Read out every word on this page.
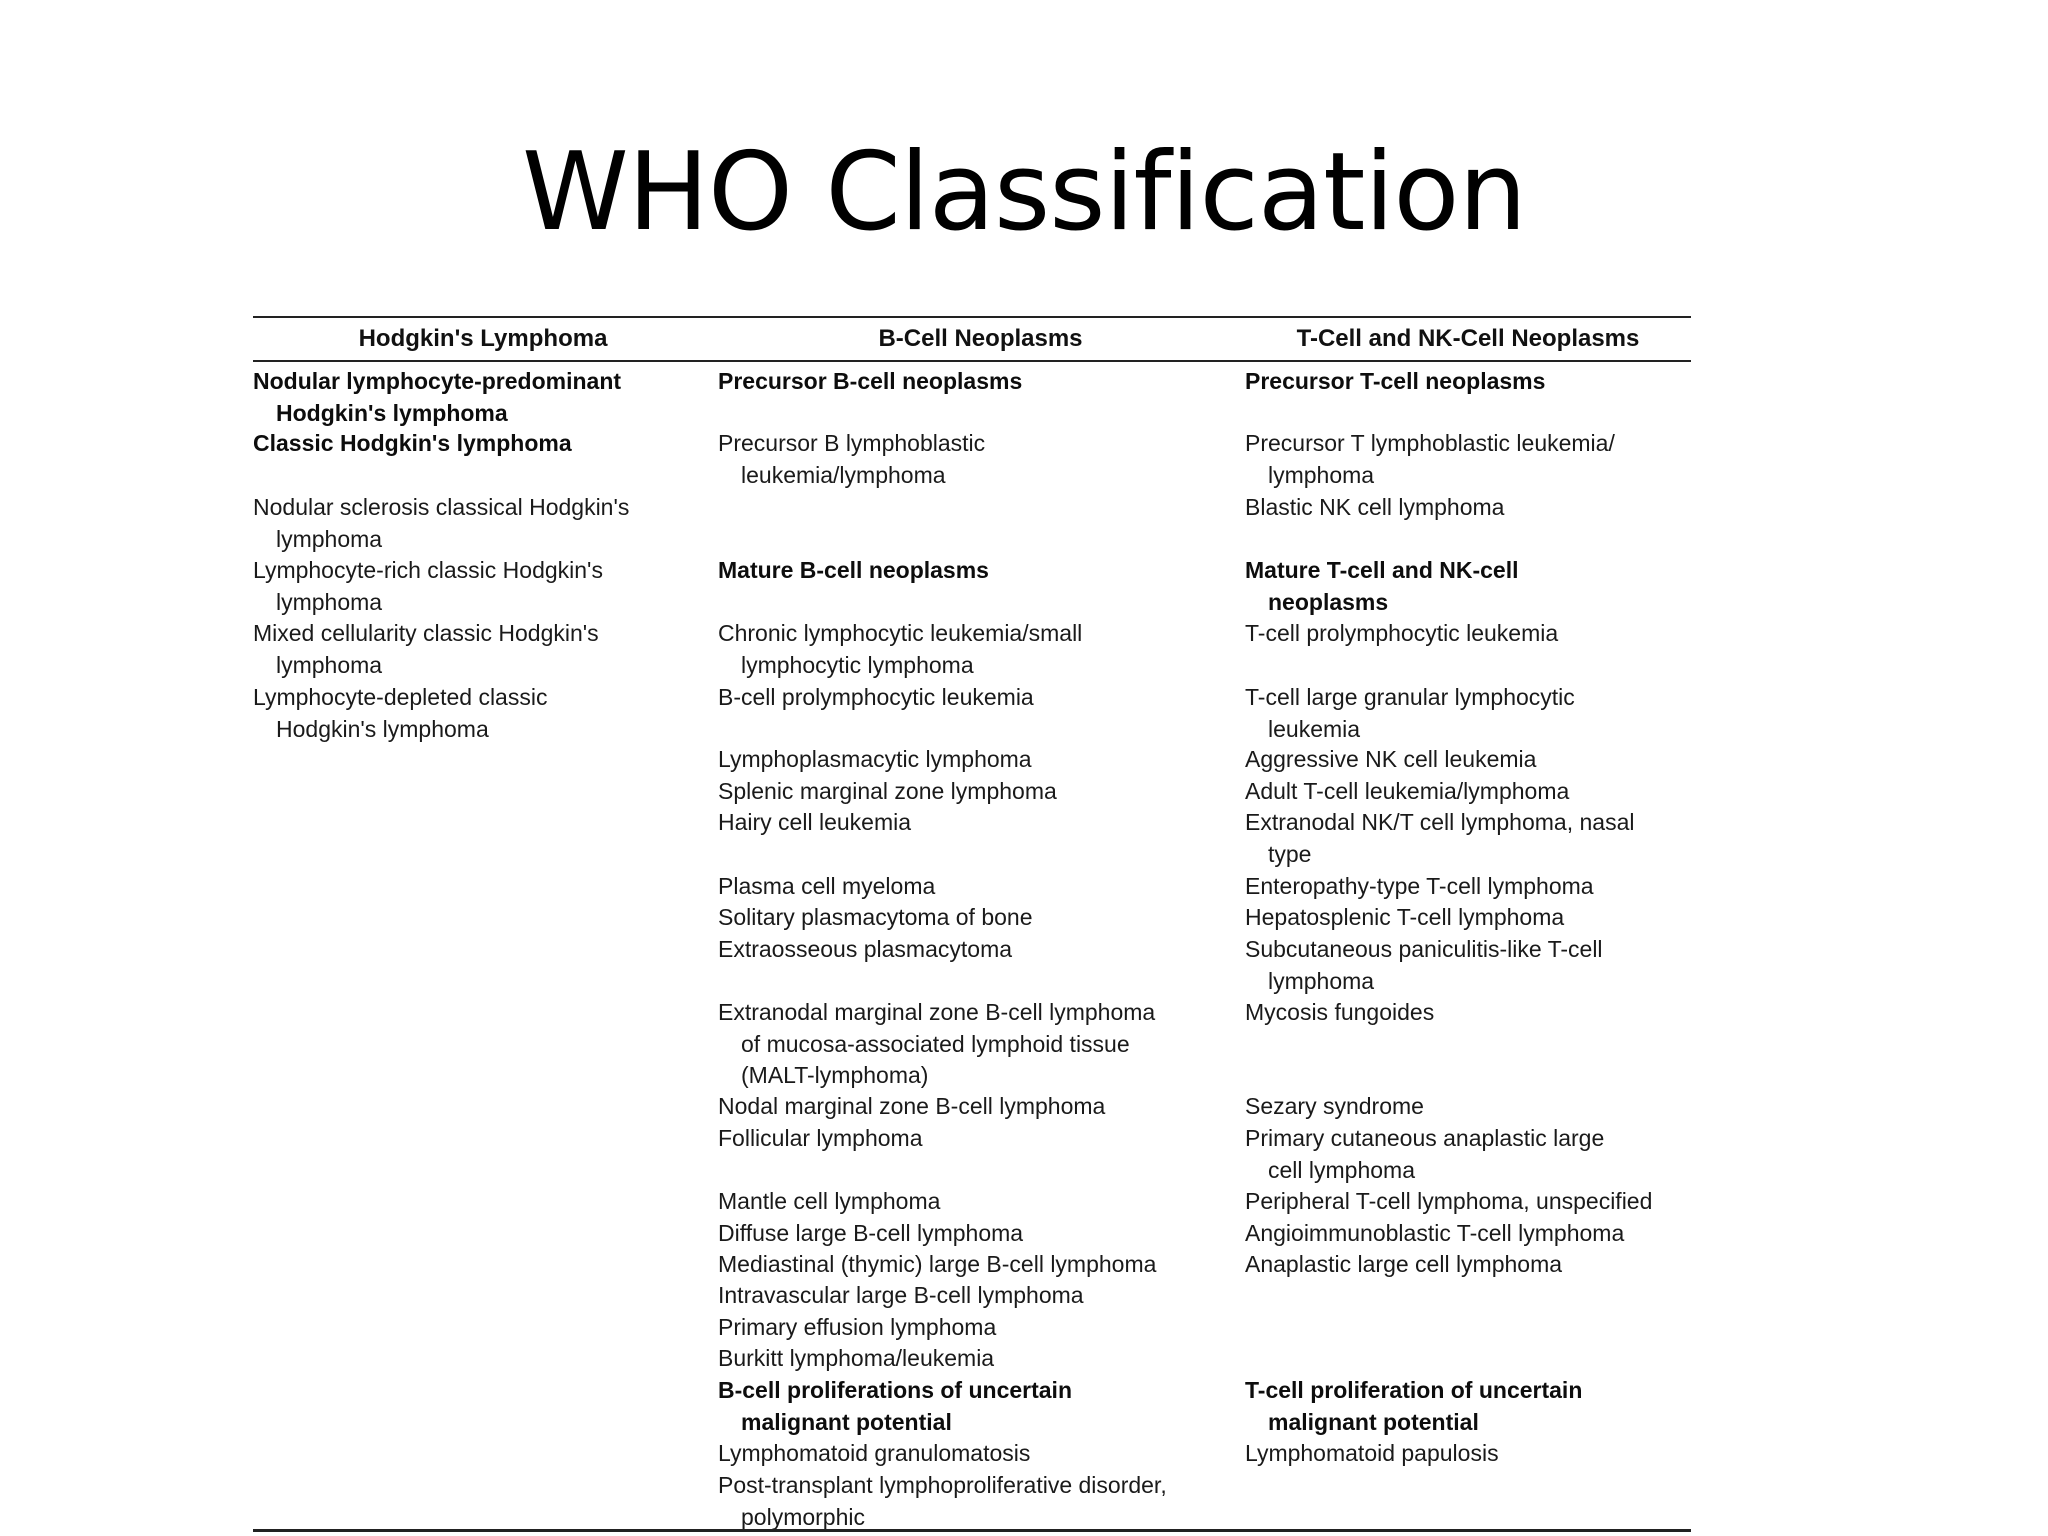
WHO Classification
Hodgkin's Lymphoma	B-Cell Neoplasms	T-Cell and NK-Cell Neoplasms
Nodular lymphocyte-predominant
Hodgkin's lymphoma
Classic Hodgkin's lymphoma
Nodular sclerosis classical Hodgkin's
lymphoma
Lymphocyte-rich classic Hodgkin's
lymphoma
Mixed cellularity classic Hodgkin's
lymphoma
Lymphocyte-depleted classic
Hodgkin's lymphoma
Precursor B-cell neoplasms
Precursor B lymphoblastic
leukemia/lymphoma
Mature B-cell neoplasms
Chronic lymphocytic leukemia/small
lymphocytic lymphoma
B-cell prolymphocytic leukemia
Lymphoplasmacytic lymphoma
Splenic marginal zone lymphoma
Hairy cell leukemia
Plasma cell myeloma
Solitary plasmacytoma of bone
Extraosseous plasmacytoma
Extranodal marginal zone B-cell lymphoma
of mucosa-associated lymphoid tissue
(MALT-lymphoma)
Nodal marginal zone B-cell lymphoma
Follicular lymphoma
Mantle cell lymphoma
Diffuse large B-cell lymphoma
Mediastinal (thymic) large B-cell lymphoma
Intravascular large B-cell lymphoma
Primary effusion lymphoma
Burkitt lymphoma/leukemia
B-cell proliferations of uncertain
malignant potential
Lymphomatoid granulomatosis
Post-transplant lymphoproliferative disorder,
polymorphic
Precursor T-cell neoplasms
Precursor T lymphoblastic leukemia/
lymphoma
Blastic NK cell lymphoma
Mature T-cell and NK-cell
neoplasms
T-cell prolymphocytic leukemia
T-cell large granular lymphocytic
leukemia
Aggressive NK cell leukemia
Adult T-cell leukemia/lymphoma
Extranodal NK/T cell lymphoma, nasal
type
Enteropathy-type T-cell lymphoma
Hepatosplenic T-cell lymphoma
Subcutaneous paniculitis-like T-cell
lymphoma
Mycosis fungoides
Sezary syndrome
Primary cutaneous anaplastic large
cell lymphoma
Peripheral T-cell lymphoma, unspecified
Angioimmunoblastic T-cell lymphoma
Anaplastic large cell lymphoma
T-cell proliferation of uncertain
malignant potential
Lymphomatoid papulosis
